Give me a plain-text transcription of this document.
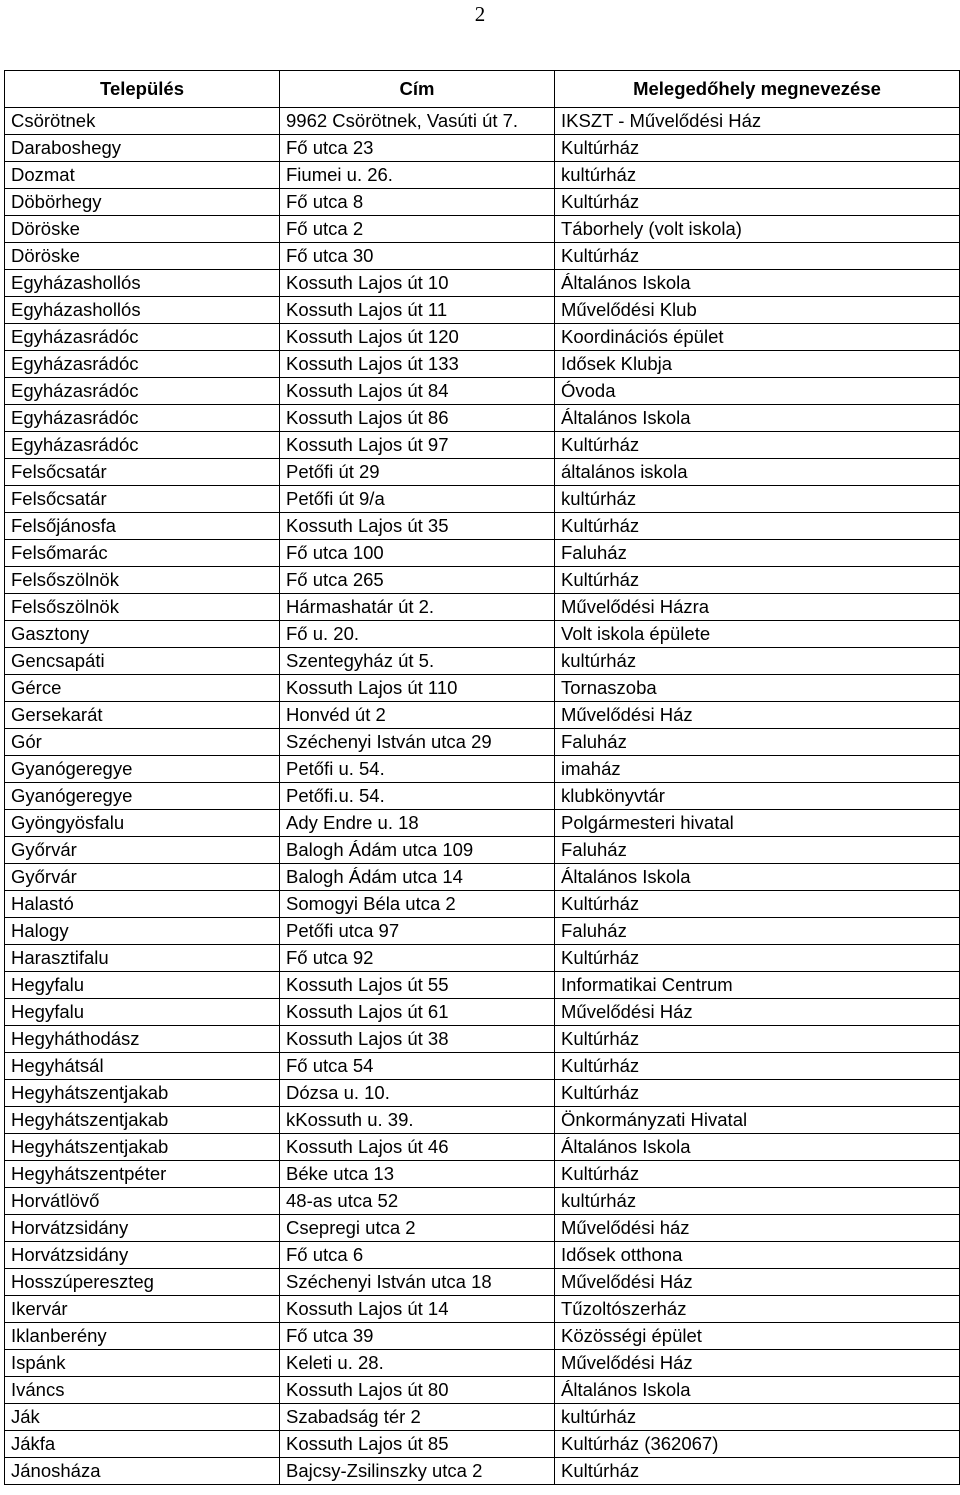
2
Település	Cím	Melegedőhely megnevezése
Csörötnek	9962 Csörötnek, Vasúti út 7.	IKSZT - Művelődési Ház
Daraboshegy	Fő utca 23	Kultúrház
Dozmat	Fiumei u. 26.	kultúrház
Döbörhegy	Fő utca 8	Kultúrház
Döröske	Fő utca 2	Táborhely (volt iskola)
Döröske	Fő utca 30	Kultúrház
Egyházashollós	Kossuth Lajos út 10	Általános Iskola
Egyházashollós	Kossuth Lajos út 11	Művelődési Klub
Egyházasrádóc	Kossuth Lajos út 120	Koordinációs épület
Egyházasrádóc	Kossuth Lajos út 133	Idősek Klubja
Egyházasrádóc	Kossuth Lajos út 84	Óvoda
Egyházasrádóc	Kossuth Lajos út 86	Általános Iskola
Egyházasrádóc	Kossuth Lajos út 97	Kultúrház
Felsőcsatár	Petőfi út 29	általános iskola
Felsőcsatár	Petőfi út 9/a	kultúrház
Felsőjánosfa	Kossuth Lajos út 35	Kultúrház
Felsőmarác	Fő utca 100	Faluház
Felsőszölnök	Fő utca 265	Kultúrház
Felsőszölnök	Hármashatár út 2.	Művelődési Házra
Gasztony	Fő u. 20.	Volt iskola épülete
Gencsapáti	Szentegyház út 5.	kultúrház
Gérce	Kossuth Lajos út 110	Tornaszoba
Gersekarát	Honvéd út 2	Művelődési Ház
Gór	Széchenyi István utca 29	Faluház
Gyanógeregye	Petőfi u. 54.	imaház
Gyanógeregye	Petőfi.u. 54.	klubkönyvtár
Gyöngyösfalu	Ady Endre u. 18	Polgármesteri hivatal
Győrvár	Balogh Ádám utca 109	Faluház
Győrvár	Balogh Ádám utca 14	Általános Iskola
Halastó	Somogyi Béla utca 2	Kultúrház
Halogy	Petőfi utca 97	Faluház
Harasztifalu	Fő utca 92	Kultúrház
Hegyfalu	Kossuth Lajos út 55	Informatikai Centrum
Hegyfalu	Kossuth Lajos út 61	Művelődési Ház
Hegyháthodász	Kossuth Lajos út 38	Kultúrház
Hegyhátsál	Fő utca 54	Kultúrház
Hegyhátszentjakab	Dózsa u. 10.	Kultúrház
Hegyhátszentjakab	kKossuth u. 39.	Önkormányzati Hivatal
Hegyhátszentjakab	Kossuth Lajos út 46	Általános Iskola
Hegyhátszentpéter	Béke utca 13	Kultúrház
Horvátlövő	48-as utca 52	kultúrház
Horvátzsidány	Csepregi utca 2	Művelődési ház
Horvátzsidány	Fő utca 6	Idősek otthona
Hosszúpereszteg	Széchenyi István utca 18	Művelődési Ház
Ikervár	Kossuth Lajos út 14	Tűzoltószerház
Iklanberény	Fő utca 39	Közösségi épület
Ispánk	Keleti u. 28.	Művelődési Ház
Iváncs	Kossuth Lajos út 80	Általános Iskola
Ják	Szabadság tér 2	kultúrház
Jákfa	Kossuth Lajos út 85	Kultúrház (362067)
Jánosháza	Bajcsy-Zsilinszky utca 2	Kultúrház
